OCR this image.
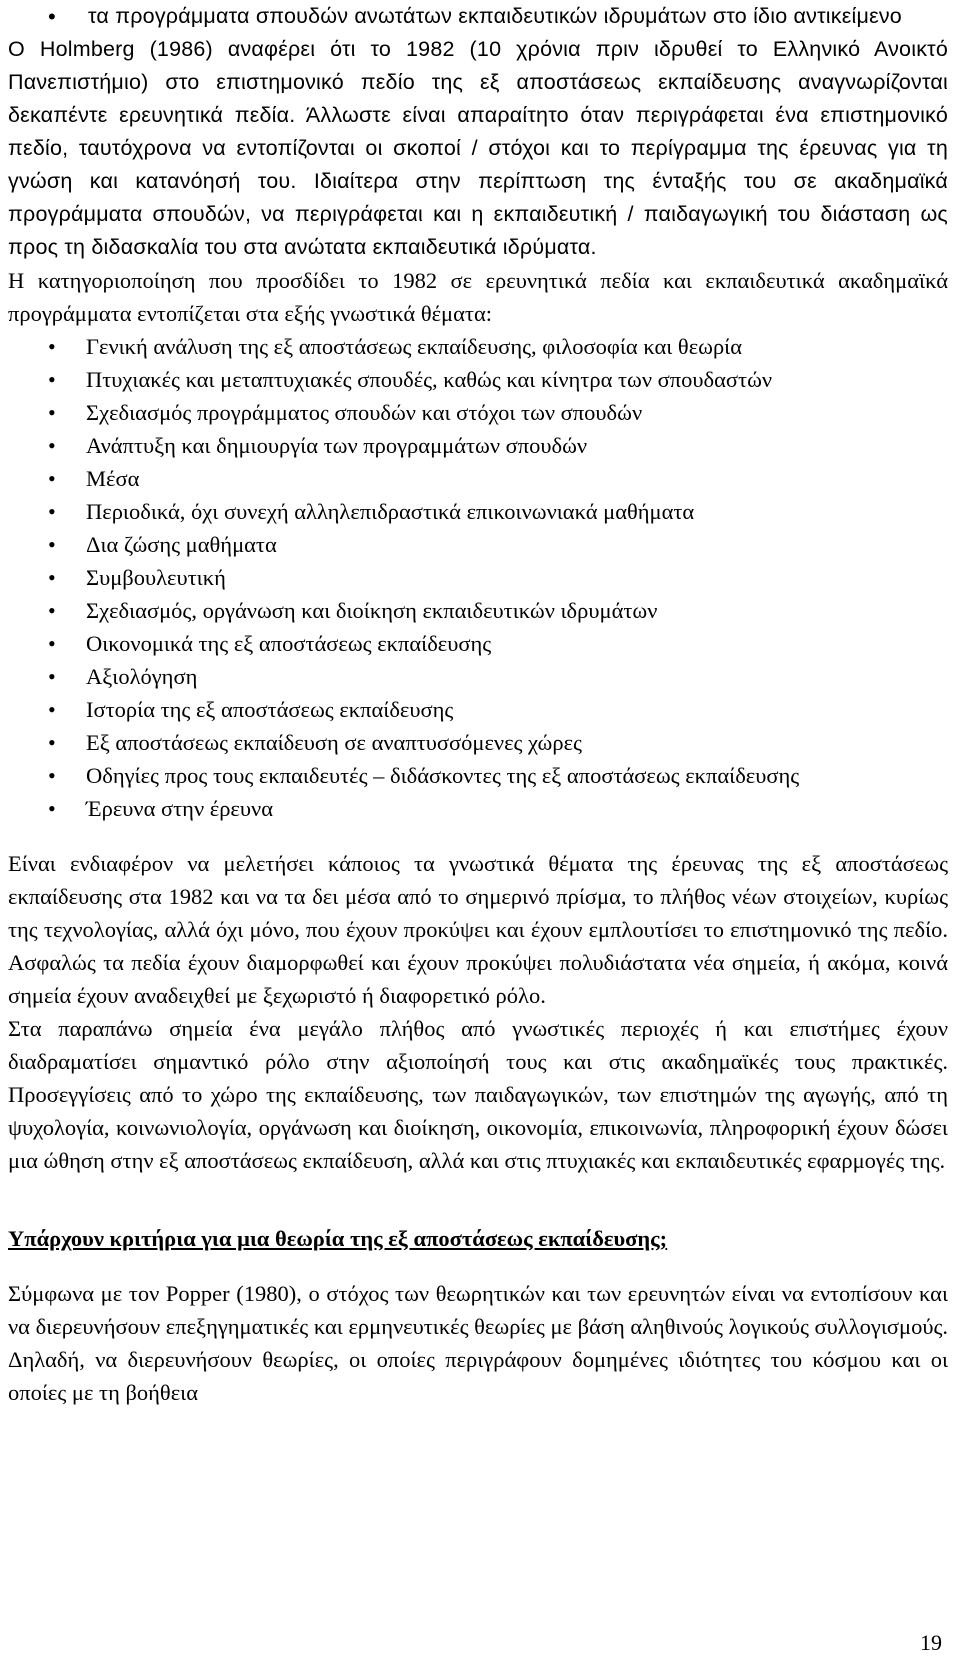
• τα προγράμματα σπουδών ανωτάτων εκπαιδευτικών ιδρυμάτων στο ίδιο αντικείμενο

Ο Holmberg (1986) αναφέρει ότι το 1982 (10 χρόνια πριν ιδρυθεί το Ελληνικό Ανοικτό Πανεπιστήμιο) στο επιστημονικό πεδίο της εξ αποστάσεως εκπαίδευσης αναγνωρίζονται δεκαπέντε ερευνητικά πεδία. Άλλωστε είναι απαραίτητο όταν περιγράφεται ένα επιστημονικό πεδίο, ταυτόχρονα να εντοπίζονται οι σκοποί / στόχοι και το περίγραμμα της έρευνας για τη γνώση και κατανόησή του. Ιδιαίτερα στην περίπτωση της ένταξής του σε ακαδημαϊκά προγράμματα σπουδών, να περιγράφεται και η εκπαιδευτική / παιδαγωγική του διάσταση ως προς τη διδασκαλία του στα ανώτατα εκπαιδευτικά ιδρύματα.

Η κατηγοριοποίηση που προσδίδει το 1982 σε ερευνητικά πεδία και εκπαιδευτικά ακαδημαϊκά προγράμματα εντοπίζεται στα εξής γνωστικά θέματα:

• Γενική ανάλυση της εξ αποστάσεως εκπαίδευσης, φιλοσοφία και θεωρία
• Πτυχιακές και μεταπτυχιακές σπουδές, καθώς και κίνητρα των σπουδαστών
• Σχεδιασμός προγράμματος σπουδών και στόχοι των σπουδών
• Ανάπτυξη και δημιουργία των προγραμμάτων σπουδών
• Μέσα
• Περιοδικά, όχι συνεχή αλληλεπιδραστικά επικοινωνιακά μαθήματα
• Δια ζώσης μαθήματα
• Συμβουλευτική
• Σχεδιασμός, οργάνωση και διοίκηση εκπαιδευτικών ιδρυμάτων
• Οικονομικά της εξ αποστάσεως εκπαίδευσης
• Αξιολόγηση
• Ιστορία της εξ αποστάσεως εκπαίδευσης
• Εξ αποστάσεως εκπαίδευση σε αναπτυσσόμενες χώρες
• Οδηγίες προς τους εκπαιδευτές – διδάσκοντες της εξ αποστάσεως εκπαίδευσης
• Έρευνα στην έρευνα

Είναι ενδιαφέρον να μελετήσει κάποιος τα γνωστικά θέματα της έρευνας της εξ αποστάσεως εκπαίδευσης στα 1982 και να τα δει μέσα από το σημερινό πρίσμα, το πλήθος νέων στοιχείων, κυρίως της τεχνολογίας, αλλά όχι μόνο, που έχουν προκύψει και έχουν εμπλουτίσει το επιστημονικό της πεδίο. Ασφαλώς τα πεδία έχουν διαμορφωθεί και έχουν προκύψει πολυδιάστατα νέα σημεία, ή ακόμα, κοινά σημεία έχουν αναδειχθεί με ξεχωριστό ή διαφορετικό ρόλο.

Στα παραπάνω σημεία ένα μεγάλο πλήθος από γνωστικές περιοχές ή και επιστήμες έχουν διαδραματίσει σημαντικό ρόλο στην αξιοποίησή τους και στις ακαδημαϊκές τους πρακτικές. Προσεγγίσεις από το χώρο της εκπαίδευσης, των παιδαγωγικών, των επιστημών της αγωγής, από τη ψυχολογία, κοινωνιολογία, οργάνωση και διοίκηση, οικονομία, επικοινωνία, πληροφορική έχουν δώσει μια ώθηση στην εξ αποστάσεως εκπαίδευση, αλλά και στις πτυχιακές και εκπαιδευτικές εφαρμογές της.

Υπάρχουν κριτήρια για μια θεωρία της εξ αποστάσεως εκπαίδευσης;

Σύμφωνα με τον Popper (1980), ο στόχος των θεωρητικών και των ερευνητών είναι να εντοπίσουν και να διερευνήσουν επεξηγηματικές και ερμηνευτικές θεωρίες με βάση αληθινούς λογικούς συλλογισμούς. Δηλαδή, να διερευνήσουν θεωρίες, οι οποίες περιγράφουν δομημένες ιδιότητες του κόσμου και οι οποίες με τη βοήθεια

19
